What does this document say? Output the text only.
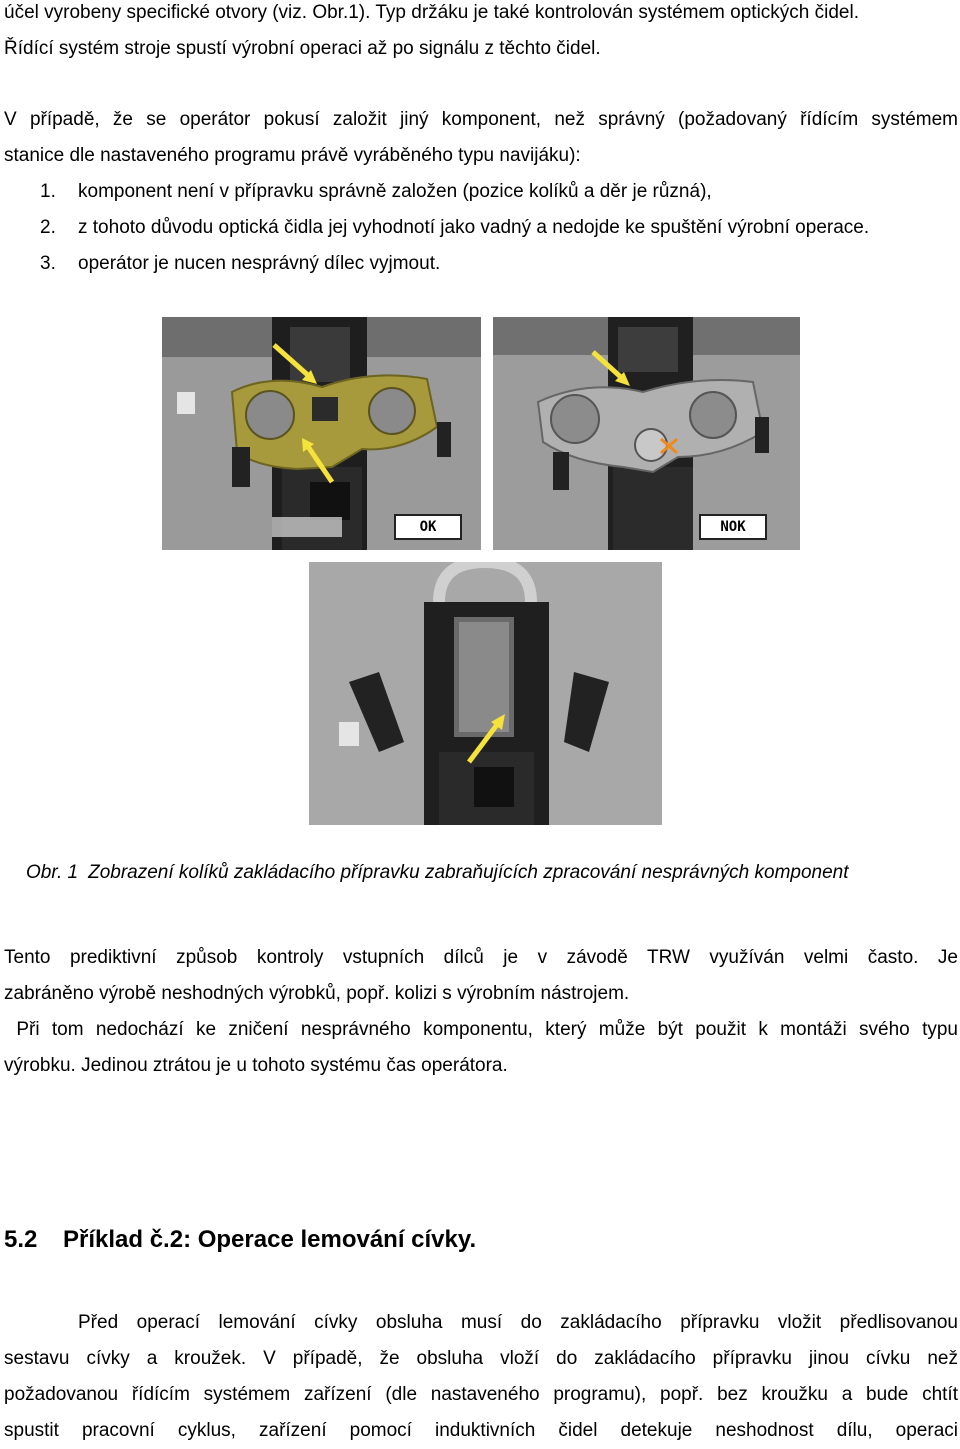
účel vyrobeny specifické otvory (viz. Obr.1). Typ držáku je také kontrolován systémem optických čidel.

Řídící systém stroje spustí výrobní operaci až po signálu z těchto čidel.

V případě, že se operátor pokusí založit jiný komponent, než správný (požadovaný řídícím systémem

stanice dle nastaveného programu právě vyráběného typu navijáku):

1. komponent není v přípravku správně založen (pozice kolíků a děr je různá),
2. z tohoto důvodu optická čidla jej vyhodnotí jako vadný a nedojde ke spuštění výrobní operace.
3. operátor je nucen nesprávný dílec vyjmout.
OK	NOK
Obr. 1 Zobrazení kolíků zakládacího přípravku zabraňujících zpracování nesprávných komponent

Tento prediktivní způsob kontroly vstupních dílců je v závodě TRW využíván velmi často. Je

zabráněno výrobě neshodných výrobků, popř. kolizi s výrobním nástrojem.

Při tom nedochází ke zničení nesprávného komponentu, který může být použit k montáži svého typu

výrobku. Jedinou ztrátou je u tohoto systému čas operátora.

5.2 Příklad č.2: Operace lemování cívky.

Před operací lemování cívky obsluha musí do zakládacího přípravku vložit předlisovanou

sestavu cívky a kroužek. V případě, že obsluha vloží do zakládacího přípravku jinou cívku než

požadovanou řídícím systémem zařízení (dle nastaveného programu), popř. bez kroužku a bude chtít

spustit pracovní cyklus, zařízení pomocí induktivních čidel detekuje neshodnost dílu, operaci
